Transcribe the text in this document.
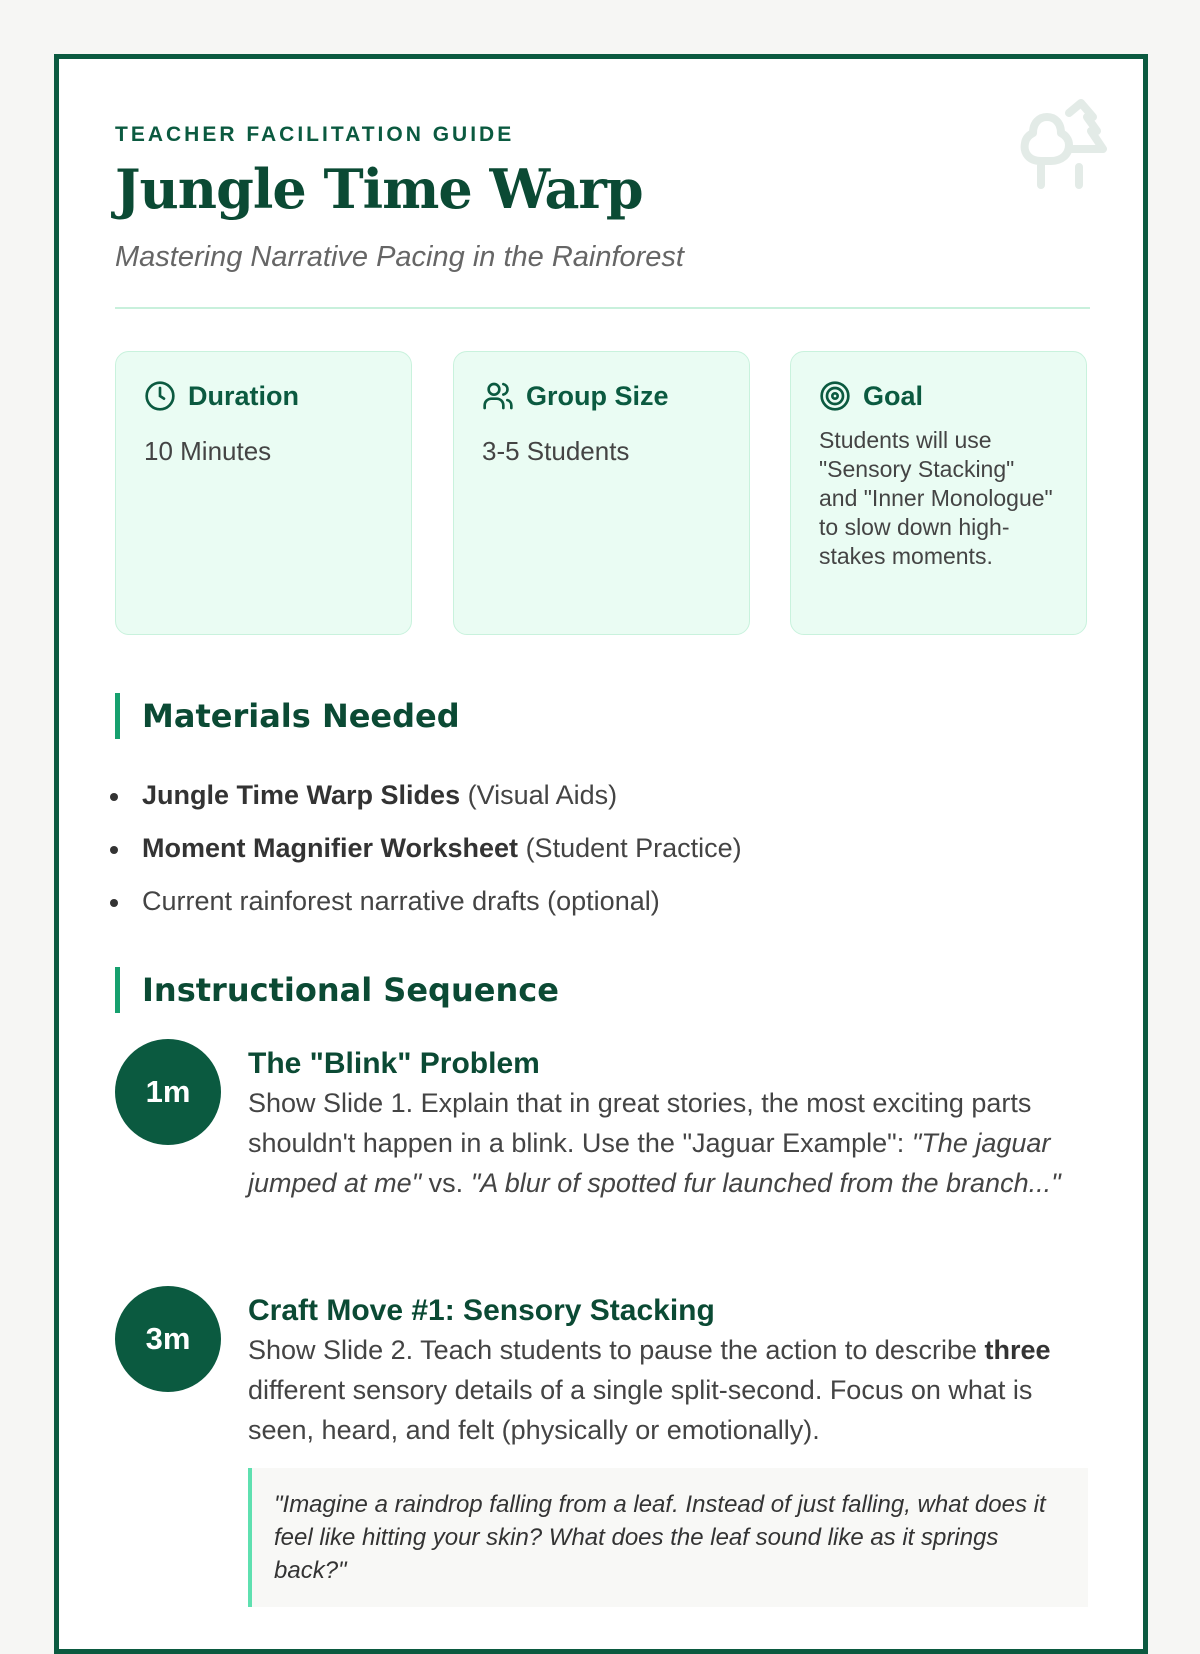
TEACHER FACILITATION GUIDE
Jungle Time Warp
Mastering Narrative Pacing in the Rainforest
Duration
10 Minutes
Group Size
3-5 Students
Goal
Students will use "Sensory Stacking" and "Inner Monologue" to slow down high-stakes moments.
Materials Needed
Jungle Time Warp Slides (Visual Aids)
Moment Magnifier Worksheet (Student Practice)
Current rainforest narrative drafts (optional)
Instructional Sequence
1m
The "Blink" Problem
Show Slide 1. Explain that in great stories, the most exciting parts shouldn't happen in a blink. Use the "Jaguar Example": "The jaguar jumped at me" vs. "A blur of spotted fur launched from the branch..."
3m
Craft Move #1: Sensory Stacking
Show Slide 2. Teach students to pause the action to describe three different sensory details of a single split-second. Focus on what is seen, heard, and felt (physically or emotionally).
"Imagine a raindrop falling from a leaf. Instead of just falling, what does it feel like hitting your skin? What does the leaf sound like as it springs back?"
